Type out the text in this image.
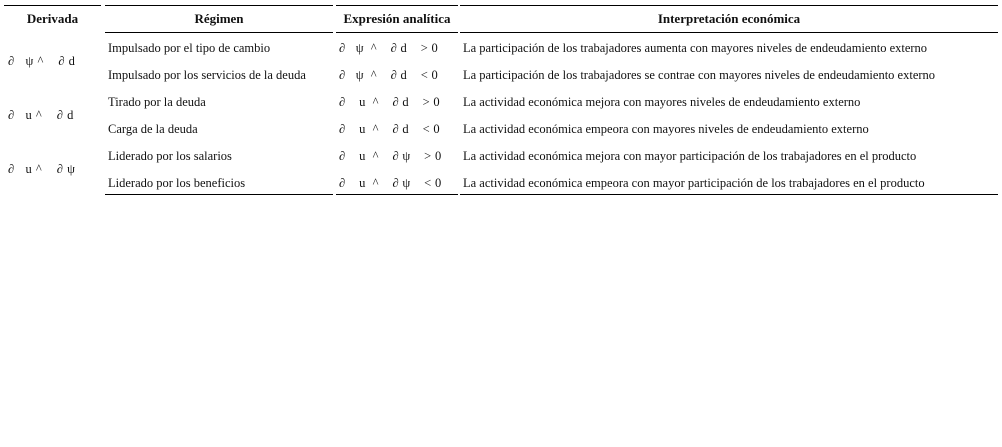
Derivada
∂   ψ ^    ∂ d
∂   u ^    ∂ d
∂   u ^    ∂ ψ
Régimen
Impulsado por el tipo de cambio
Impulsado por los servicios de la deuda
Tirado por la deuda
Carga de la deuda
Liderado por los salarios
Liderado por los beneficios
Expresión analítica
∂   ψ  ^    ∂ d    > 0
∂   ψ  ^    ∂ d    < 0
∂    u  ^    ∂ d    > 0
∂    u  ^    ∂ d    < 0
∂    u  ^    ∂ ψ    > 0
∂    u  ^    ∂ ψ    < 0
Interpretación económica
La participación de los trabajadores aumenta con mayores niveles de endeudamiento externo
La participación de los trabajadores se contrae con mayores niveles de endeudamiento externo
La actividad económica mejora con mayores niveles de endeudamiento externo
La actividad económica empeora con mayores niveles de endeudamiento externo
La actividad económica mejora con mayor participación de los trabajadores en el producto
La actividad económica empeora con mayor participación de los trabajadores en el producto
